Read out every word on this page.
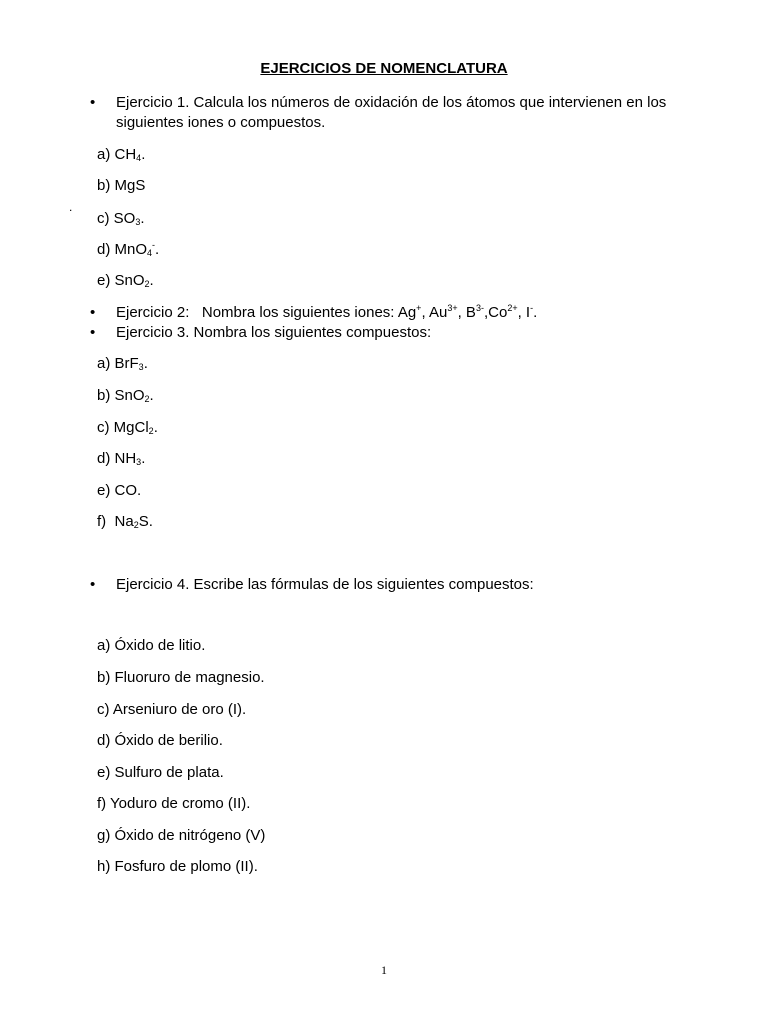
EJERCICIOS DE NOMENCLATURA
• Ejercicio 1. Calcula los números de oxidación de los átomos que intervienen en los
siguientes iones o compuestos.
a) $CH_4$.
b) MgS
.
c) $SO_3$.
d) MnO$_4$-.
e) SnO$_2$.
• Ejercicio 2:   Nombra los siguientes iones: Ag+, $Au^{3+}$, $B^{3-},Co^{2+}$, I-.
• Ejercicio 3. Nombra los siguientes compuestos:
a) BrF$_3$.
b) SnO$_2$.
c) MgCl$_2$.
d) $NH_3$.
e) CO.
f)  $Na_2S$.
• Ejercicio 4. Escribe las fórmulas de los siguientes compuestos:
a) Óxido de litio.
b) Fluoruro de magnesio.
c) Arseniuro de oro (I).
d) Óxido de berilio.
e) Sulfuro de plata.
f) Yoduro de cromo (II).
g) Óxido de nitrógeno (V)
h) Fosfuro de plomo (II).
1
